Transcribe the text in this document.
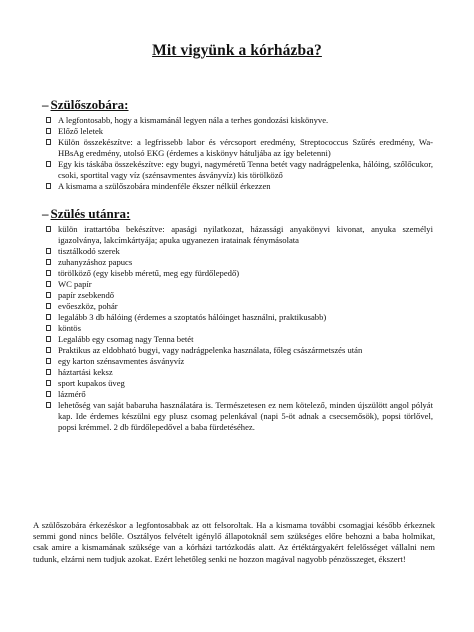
Mit vigyünk a kórházba?
– Szülőszobára:
A legfontosabb, hogy a kismamánál legyen nála a terhes gondozási kiskönyve.
Előző leletek
Külön összekészítve: a legfrissebb labor és vércsoport eredmény, Streptococcus Szűrés eredmény, Wa-HBsAg eredmény, utolsó EKG (érdemes a kiskönyv hátuljába az így beletenni)
Egy kis táskába összekészítve: egy bugyi, nagyméretű Tenna betét vagy nadrágpelenka, hálóing, szőlőcukor, csoki, sportital vagy víz (szénsavmentes ásványvíz) kis törölköző
A kismama a szülőszobára mindenféle ékszer nélkül érkezzen
– Szülés utánra:
külön irattartóba bekészítve: apasági nyilatkozat, házassági anyakönyvi kivonat, anyuka személyi igazolványa, lakcímkártyája; apuka ugyanezen iratainak fénymásolata
tisztálkodó szerek
zuhanyzáshoz papucs
törölköző (egy kisebb méretű, meg egy fürdőlepedő)
WC papír
papír zsebkendő
evőeszköz, pohár
legalább 3 db hálóing (érdemes a szoptatós hálóinget használni, praktikusabb)
köntös
Legalább egy csomag nagy Tenna betét
Praktikus az eldobható bugyi, vagy nadrágpelenka használata, főleg császármetszés után
egy karton szénsavmentes ásványvíz
háztartási keksz
sport kupakos üveg
lázmérő
lehetőség van saját babaruha használatára is. Természetesen ez nem kötelező, minden újszülött angol pólyát kap. Ide érdemes készülni egy plusz csomag pelenkával (napi 5-öt adnak a csecsemősök), popsi törlővel, popsi krémmel. 2 db fürdőlepedővel a baba fürdetéséhez.
A szülőszobára érkezéskor a legfontosabbak az ott felsoroltak. Ha a kismama további csomagjai később érkeznek semmi gond nincs belőle. Osztályos felvételt igénylő állapotoknál sem szükséges előre behozni a baba holmikat, csak amire a kismamának szüksége van a kórházi tartózkodás alatt. Az értéktárgyakért felelősséget vállalni nem tudunk, elzárni nem tudjuk azokat. Ezért lehetőleg senki ne hozzon magával nagyobb pénzösszeget, ékszert!
